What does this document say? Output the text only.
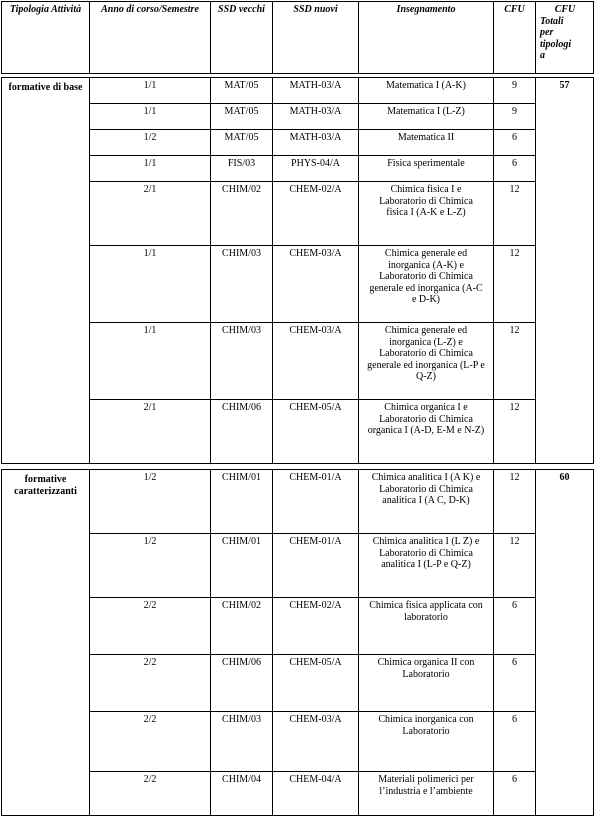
Tipologia Attività	Anno di corso/Semestre	SSD vecchi	SSD nuovi	Insegnamento	CFU	CFU
Totali per tipologi a

formative di base	1/1	MAT/05	MATH-03/A	Matematica I (A-K)	9	57
	1/1	MAT/05	MATH-03/A	Matematica I (L-Z)	9	
	1/2	MAT/05	MATH-03/A	Matematica II	6	
	1/1	FIS/03	PHYS-04/A	Fisica sperimentale	6	
	2/1	CHIM/02	CHEM-02/A	Chimica fisica I e Laboratorio di Chimica fisica I (A-K e L-Z)	12	
	1/1	CHIM/03	CHEM-03/A	Chimica generale ed inorganica (A-K) e Laboratorio di Chimica generale ed inorganica (A-C e D-K)	12	
	1/1	CHIM/03	CHEM-03/A	Chimica generale ed inorganica (L-Z) e Laboratorio di Chimica generale ed inorganica (L-P e Q-Z)	12	
	2/1	CHIM/06	CHEM-05/A	Chimica organica I e Laboratorio di Chimica organica I (A-D, E-M e N-Z)	12	

formative caratterizzanti	1/2	CHIM/01	CHEM-01/A	Chimica analitica I (A K) e Laboratorio di Chimica analitica I (A C, D-K)	12	60
	1/2	CHIM/01	CHEM-01/A	Chimica analitica I (L Z) e Laboratorio di Chimica analitica I (L-P e Q-Z)	12	
	2/2	CHIM/02	CHEM-02/A	Chimica fisica applicata con laboratorio	6	
	2/2	CHIM/06	CHEM-05/A	Chimica organica II con Laboratorio	6	
	2/2	CHIM/03	CHEM-03/A	Chimica inorganica con Laboratorio	6	
	2/2	CHIM/04	CHEM-04/A	Materiali polimerici per l’industria e l’ambiente	6	
